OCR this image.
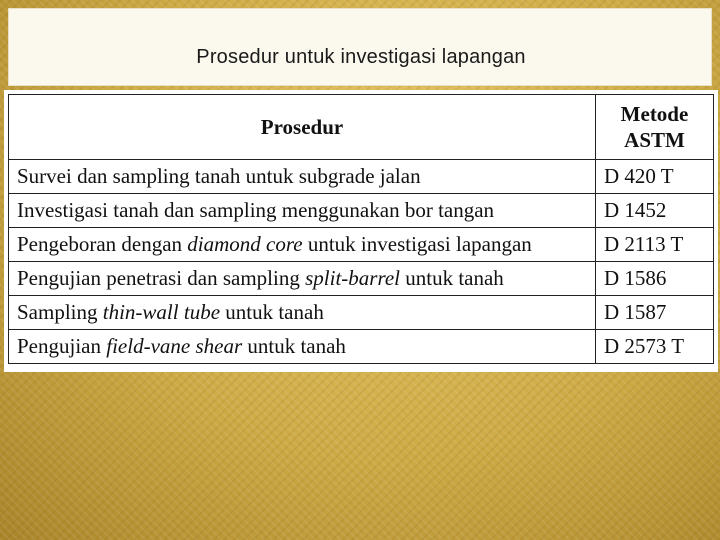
Prosedur untuk investigasi lapangan
Prosedur	Metode
ASTM
Survei dan sampling tanah untuk subgrade jalan	D 420 T
Investigasi tanah dan sampling menggunakan bor tangan	D 1452
Pengeboran dengan diamond core untuk investigasi lapangan	D 2113 T
Pengujian penetrasi dan sampling split-barrel untuk tanah	D 1586
Sampling thin-wall tube untuk tanah	D 1587
Pengujian field-vane shear untuk tanah	D 2573 T
